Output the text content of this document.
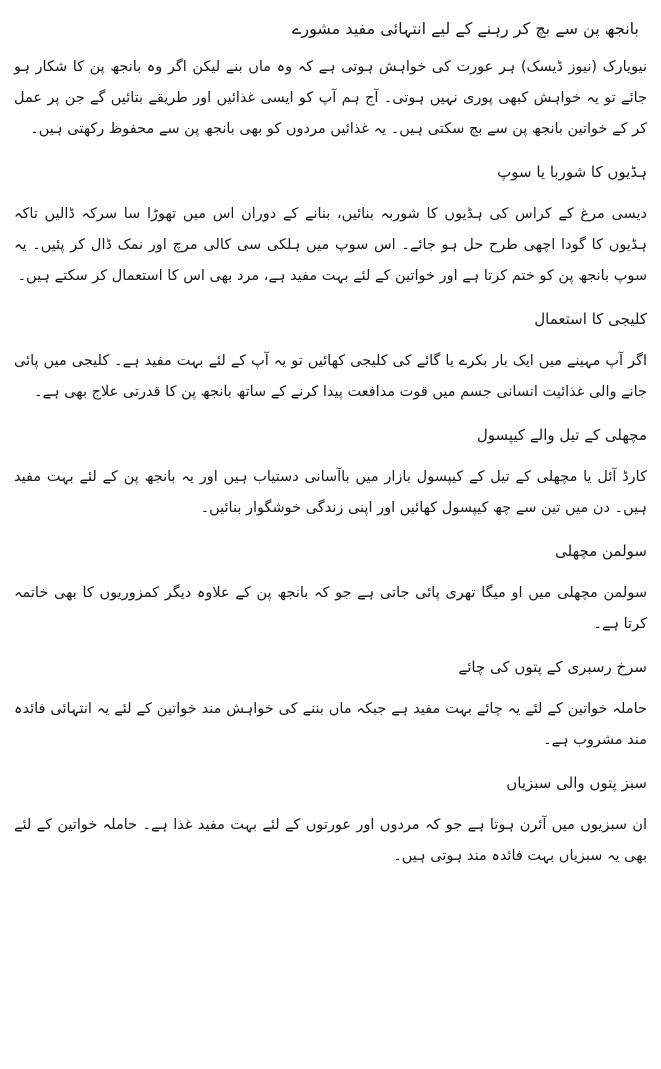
بانجھ پن سے بچ کر رہنے کے لیے انتہائی مفید مشورے
نیویارک (نیوز ڈیسک) ہر عورت کی خواہش ہوتی ہے کہ وہ ماں بنے لیکن اگر وہ بانجھ پن کا شکار ہو جائے تو یہ خواہش کبھی پوری نہیں ہوتی۔ آج ہم آپ کو ایسی غذائیں اور طریقے بتائیں گے جن پر عمل کر کے خواتین بانجھ پن سے بچ سکتی ہیں۔ یہ غذائیں مردوں کو بھی بانجھ پن سے محفوظ رکھتی ہیں۔
ہڈیوں کا شوربا یا سوپ
دیسی مرغ کے کراس کی ہڈیوں کا شوربہ بنائیں، بنانے کے دوران اس میں تھوڑا سا سرکہ ڈالیں تاکہ ہڈیوں کا گودا اچھی طرح حل ہو جائے۔ اس سوپ میں ہلکی سی کالی مرچ اور نمک ڈال کر پئیں۔ یہ سوپ بانجھ پن کو ختم کرتا ہے اور خواتین کے لئے بہت مفید ہے، مرد بھی اس کا استعمال کر سکتے ہیں۔
کلیجی کا استعمال
اگر آپ مہینے میں ایک بار بکرے یا گائے کی کلیجی کھائیں تو یہ آپ کے لئے بہت مفید ہے۔ کلیجی میں پائی جانے والی غذائیت انسانی جسم میں قوت مدافعت پیدا کرنے کے ساتھ بانجھ پن کا قدرتی علاج بھی ہے۔
مچھلی کے تیل والے کیپسول
کارڈ آئل یا مچھلی کے تیل کے کیپسول بازار میں باآسانی دستیاب ہیں اور یہ بانجھ پن کے لئے بہت مفید ہیں۔ دن میں تین سے چھ کیپسول کھائیں اور اپنی زندگی خوشگوار بنائیں۔
سولمن مچھلی
سولمن مچھلی میں او میگا تھری پائی جاتی ہے جو کہ بانجھ پن کے علاوہ دیگر کمزوریوں کا بھی خاتمہ کرتا ہے۔
سرخ رسبری کے پتوں کی چائے
حاملہ خواتین کے لئے یہ چائے بہت مفید ہے جبکہ ماں بننے کی خواہش مند خواتین کے لئے یہ انتہائی فائدہ مند مشروب ہے۔
سبز پتوں والی سبزیاں
ان سبزیوں میں آئرن ہوتا ہے جو کہ مردوں اور عورتوں کے لئے بہت مفید غذا ہے۔ حاملہ خواتین کے لئے بھی یہ سبزیاں بہت فائدہ مند ہوتی ہیں۔
